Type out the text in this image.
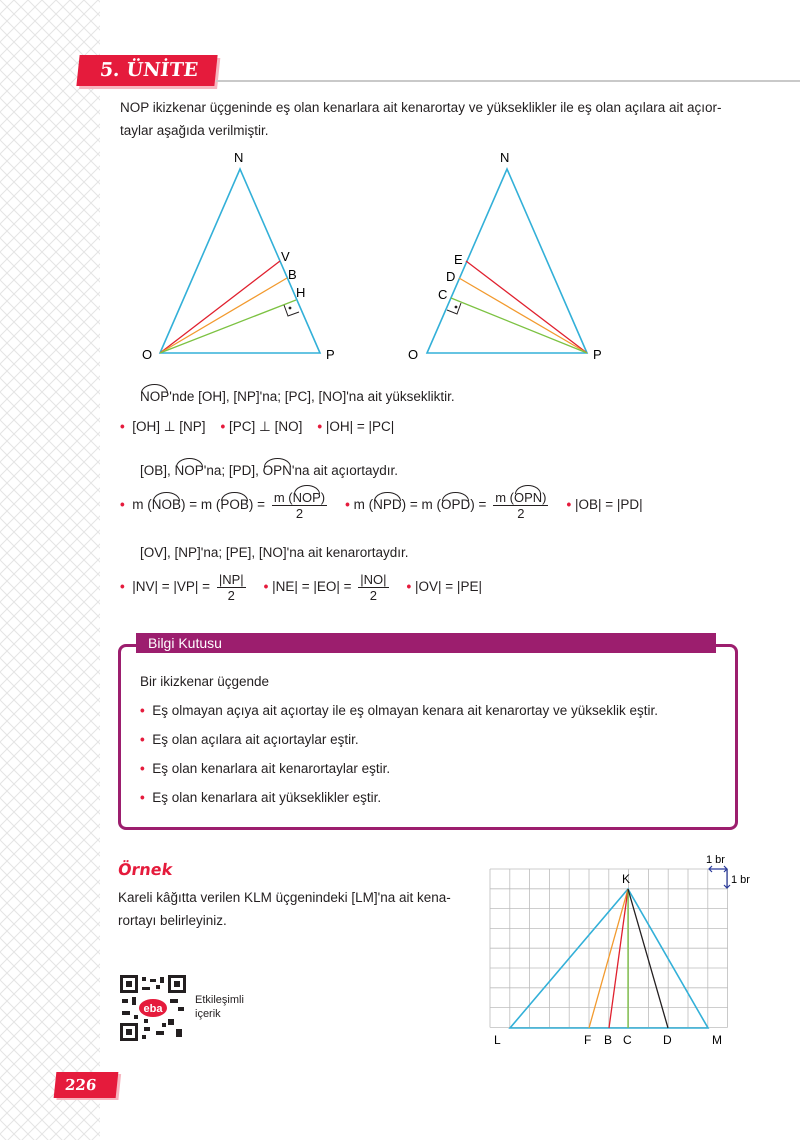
5. ÜNİTE
NOP ikizkenar üçgeninde eş olan kenarlara ait kenarortay ve yükseklikler ile eş olan açılara ait açıor-
taylar aşağıda verilmiştir.
N
O	P
V
B
H
N
O	P
E
D
C
NOP'nde [OH], [NP]'na; [PC], [NO]'na ait yüksekliktir.
• [OH] ⊥ [NP] • [PC] ⊥ [NO] • |OH| = |PC|
[OB], NOP'na; [PD], OPN'na ait açıortaydır.
• m (NOB) = m $(POB) = \frac{\text{m (NOP)}}{2}$ • m (NPD) = m $(OPD) = \frac{\text{m (OPN)}}{2}$ • |OB| = |PD|
[OV], [NP]'na; [PE], [NO]'na ait kenarortaydır.
• $|NV| = |VP| = \frac{|NP|}{2}$ • $|NE| = |EO| = \frac{|NO|}{2}$ • |OV| = |PE|
Bilgi Kutusu
Bir ikizkenar üçgende
• Eş olmayan açıya ait açıortay ile eş olmayan kenara ait kenarortay ve yükseklik eştir.
• Eş olan açılara ait açıortaylar eştir.
• Eş olan kenarlara ait kenarortaylar eştir.
• Eş olan kenarlara ait yükseklikler eştir.
Örnek
Kareli kâğıtta verilen KLM üçgenindeki [LM]'na ait kena-
rortayı belirleyiniz.
eba
Etkileşimli
içerik
K
L	M
F B C	D
1 br
1 br
226
